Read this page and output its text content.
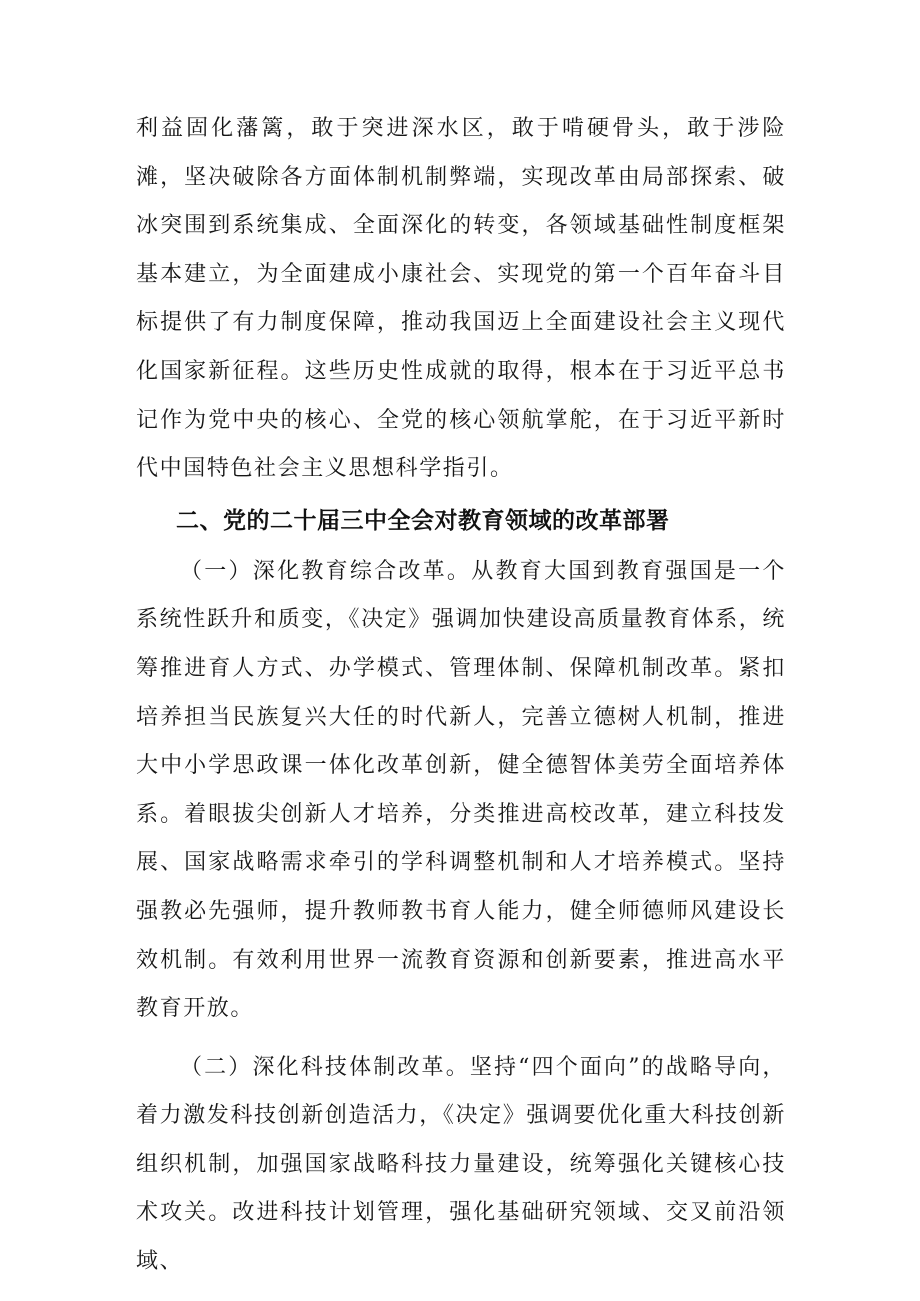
利益固化藩篱，敢于突进深水区，敢于啃硬骨头，敢于涉险滩，坚决破除各方面体制机制弊端，实现改革由局部探索、破冰突围到系统集成、全面深化的转变，各领域基础性制度框架基本建立，为全面建成小康社会、实现党的第一个百年奋斗目标提供了有力制度保障，推动我国迈上全面建设社会主义现代化国家新征程。这些历史性成就的取得，根本在于习近平总书记作为党中央的核心、全党的核心领航掌舵，在于习近平新时代中国特色社会主义思想科学指引。

二、党的二十届三中全会对教育领域的改革部署

（一）深化教育综合改革。从教育大国到教育强国是一个系统性跃升和质变，《决定》强调加快建设高质量教育体系，统筹推进育人方式、办学模式、管理体制、保障机制改革。紧扣培养担当民族复兴大任的时代新人，完善立德树人机制，推进大中小学思政课一体化改革创新，健全德智体美劳全面培养体系。着眼拔尖创新人才培养，分类推进高校改革，建立科技发展、国家战略需求牵引的学科调整机制和人才培养模式。坚持强教必先强师，提升教师教书育人能力，健全师德师风建设长效机制。有效利用世界一流教育资源和创新要素，推进高水平教育开放。

（二）深化科技体制改革。坚持“四个面向”的战略导向，着力激发科技创新创造活力，《决定》强调要优化重大科技创新组织机制，加强国家战略科技力量建设，统筹强化关键核心技术攻关。改进科技计划管理，强化基础研究领域、交叉前沿领域、
